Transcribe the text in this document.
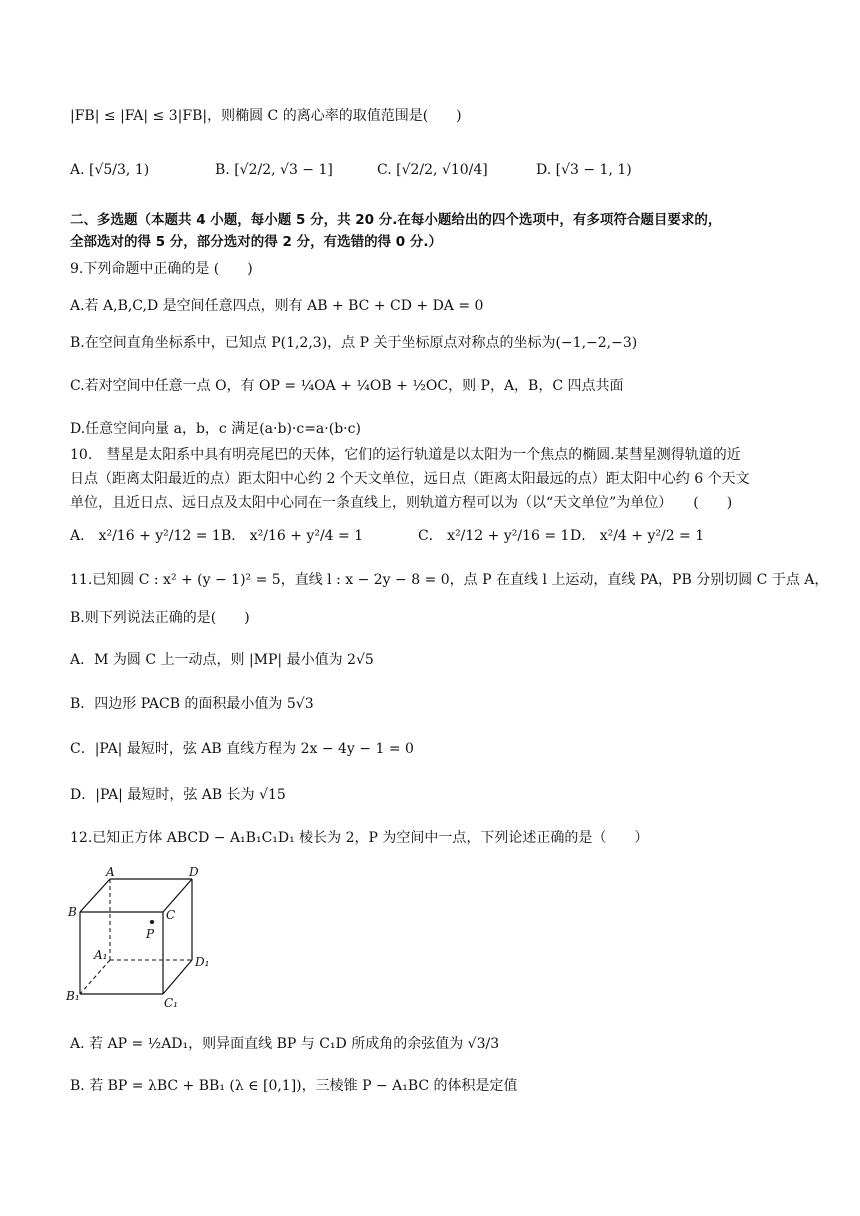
|FB| ≤ |FA| ≤ 3|FB|，则椭圆 C 的离心率的取值范围是(　　)
A. [√5/3, 1)	B. [√2/2, √3 − 1]	C. [√2/2, √10/4]	D. [√3 − 1, 1)
二、多选题（本题共 4 小题，每小题 5 分，共 20 分.在每小题给出的四个选项中，有多项符合题目要求的，
全部选对的得 5 分，部分选对的得 2 分，有选错的得 0 分.）
9.下列命题中正确的是 (　　)
A.若 A,B,C,D 是空间任意四点，则有 AB + BC + CD + DA = 0
B.在空间直角坐标系中，已知点 P(1,2,3)，点 P 关于坐标原点对称点的坐标为(−1,−2,−3)
C.若对空间中任意一点 O，有 OP = ¼OA + ¼OB + ½OC，则 P，A，B，C 四点共面
D.任意空间向量 a，b，c 满足(a·b)·c=a·(b·c)
10.　彗星是太阳系中具有明亮尾巴的天体，它们的运行轨道是以太阳为一个焦点的椭圆.某彗星测得轨道的近
日点（距离太阳最近的点）距太阳中心约 2 个天文单位，远日点（距离太阳最远的点）距太阳中心约 6 个天文
单位，且近日点、远日点及太阳中心同在一条直线上，则轨道方程可以为（以“天文单位”为单位）　　(　　)
A． x²/16 + y²/12 = 1 B． x²/16 + y²/4 = 1	C． x²/12 + y²/16 = 1 D． x²/4 + y²/2 = 1
11.已知圆 C : x² + (y − 1)² = 5，直线 l : x − 2y − 8 = 0，点 P 在直线 l 上运动，直线 PA，PB 分别切圆 C 于点 A，
B.则下列说法正确的是(　　)
A．M 为圆 C 上一动点，则 |MP| 最小值为 2√5
B．四边形 PACB 的面积最小值为 5√3
C．|PA| 最短时，弦 AB 直线方程为 2x − 4y − 1 = 0
D．|PA| 最短时，弦 AB 长为 √15
12.已知正方体 ABCD − A₁B₁C₁D₁ 棱长为 2，P 为空间中一点，下列论述正确的是（　　）
A	D
B	C
P
A₁	D₁
B₁	C₁
A. 若 AP = ½AD₁，则异面直线 BP 与 C₁D 所成角的余弦值为 √3/3
B. 若 BP = λBC + BB₁ (λ ∈ [0,1])，三棱锥 P − A₁BC 的体积是定值
